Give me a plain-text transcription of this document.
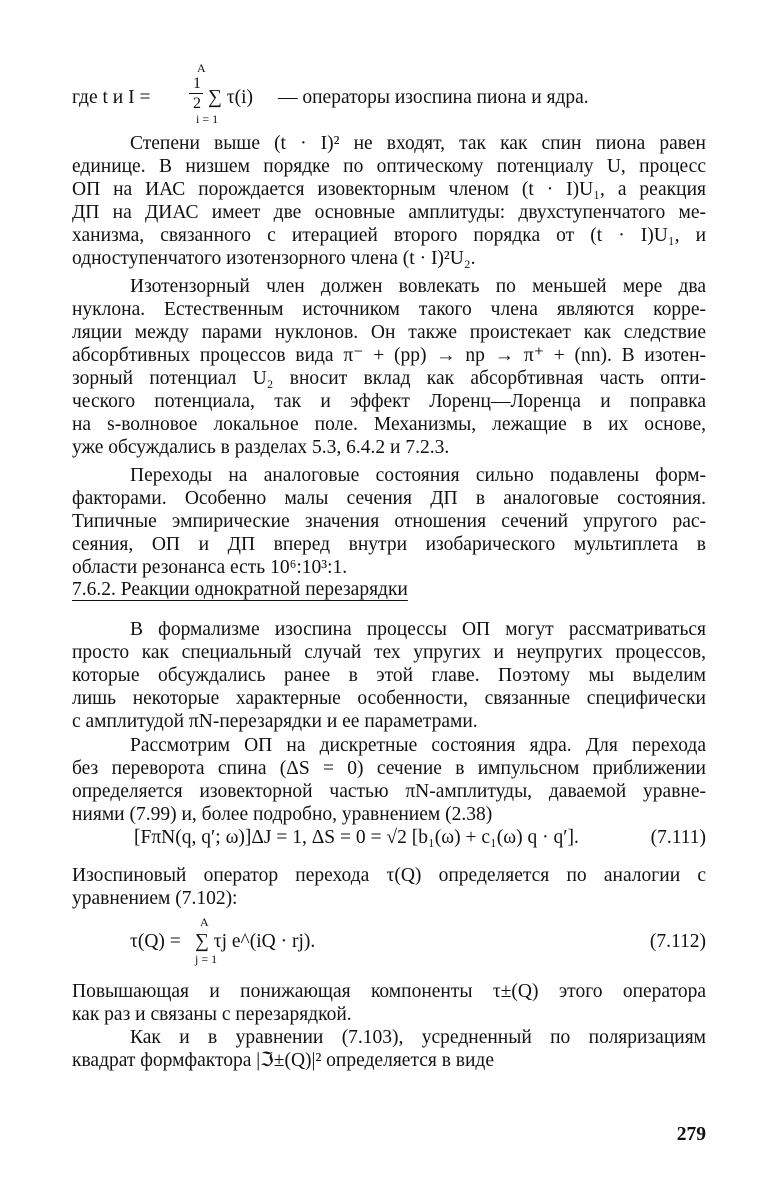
A
где t и I =
1
2 ∑ τ(i)
i = 1
— операторы изоспина пиона и ядра.
Степени выше (t · I)² не входят, так как спин пиона равен
единице. В низшем порядке по оптическому потенциалу U, процесс
ОП на ИАС порождается изовекторным членом (t · I)U₁, а реакция
ДП на ДИАС имеет две основные амплитуды: двухступенчатого ме-
ханизма, связанного с итерацией второго порядка от (t · I)U₁, и
одноступенчатого изотензорного члена (t · I)²U₂.
Изотензорный член должен вовлекать по меньшей мере два
нуклона. Естественным источником такого члена являются корре-
ляции между парами нуклонов. Он также проистекает как следствие
абсорбтивных процессов вида π⁻ + (pp) → np → π⁺ + (nn). В изотен-
зорный потенциал U₂ вносит вклад как абсорбтивная часть опти-
ческого потенциала, так и эффект Лоренц—Лоренца и поправка
на s-волновое локальное поле. Механизмы, лежащие в их основе,
уже обсуждались в разделах 5.3, 6.4.2 и 7.2.3.
Переходы на аналоговые состояния сильно подавлены форм-
факторами. Особенно малы сечения ДП в аналоговые состояния.
Типичные эмпирические значения отношения сечений упругого рас-
сеяния, ОП и ДП вперед внутри изобарического мультиплета в
области резонанса есть 10⁶:10³:1.
7.6.2. Реакции однократной перезарядки
В формализме изоспина процессы ОП могут рассматриваться
просто как специальный случай тех упругих и неупругих процессов,
которые обсуждались ранее в этой главе. Поэтому мы выделим
лишь некоторые характерные особенности, связанные специфически
с амплитудой πN-перезарядки и ее параметрами.
Рассмотрим ОП на дискретные состояния ядра. Для перехода
без переворота спина (ΔS = 0) сечение в импульсном приближении
определяется изовекторной частью πN-амплитуды, даваемой уравне-
ниями (7.99) и, более подробно, уравнением (2.38)
[FπN(q, q′; ω)]ΔJ = 1, ΔS = 0 = √2 [b₁(ω) + c₁(ω) q · q′].	(7.111)
Изоспиновый оператор перехода τ(Q) определяется по аналогии с
уравнением (7.102):
A
τ(Q) = ∑ τj e^(iQ · rj).
j = 1
(7.112)
Повышающая и понижающая компоненты τ±(Q) этого оператора
как раз и связаны с перезарядкой.
Как и в уравнении (7.103), усредненный по поляризациям
квадрат формфактора |ℑ±(Q)|² определяется в виде
279
